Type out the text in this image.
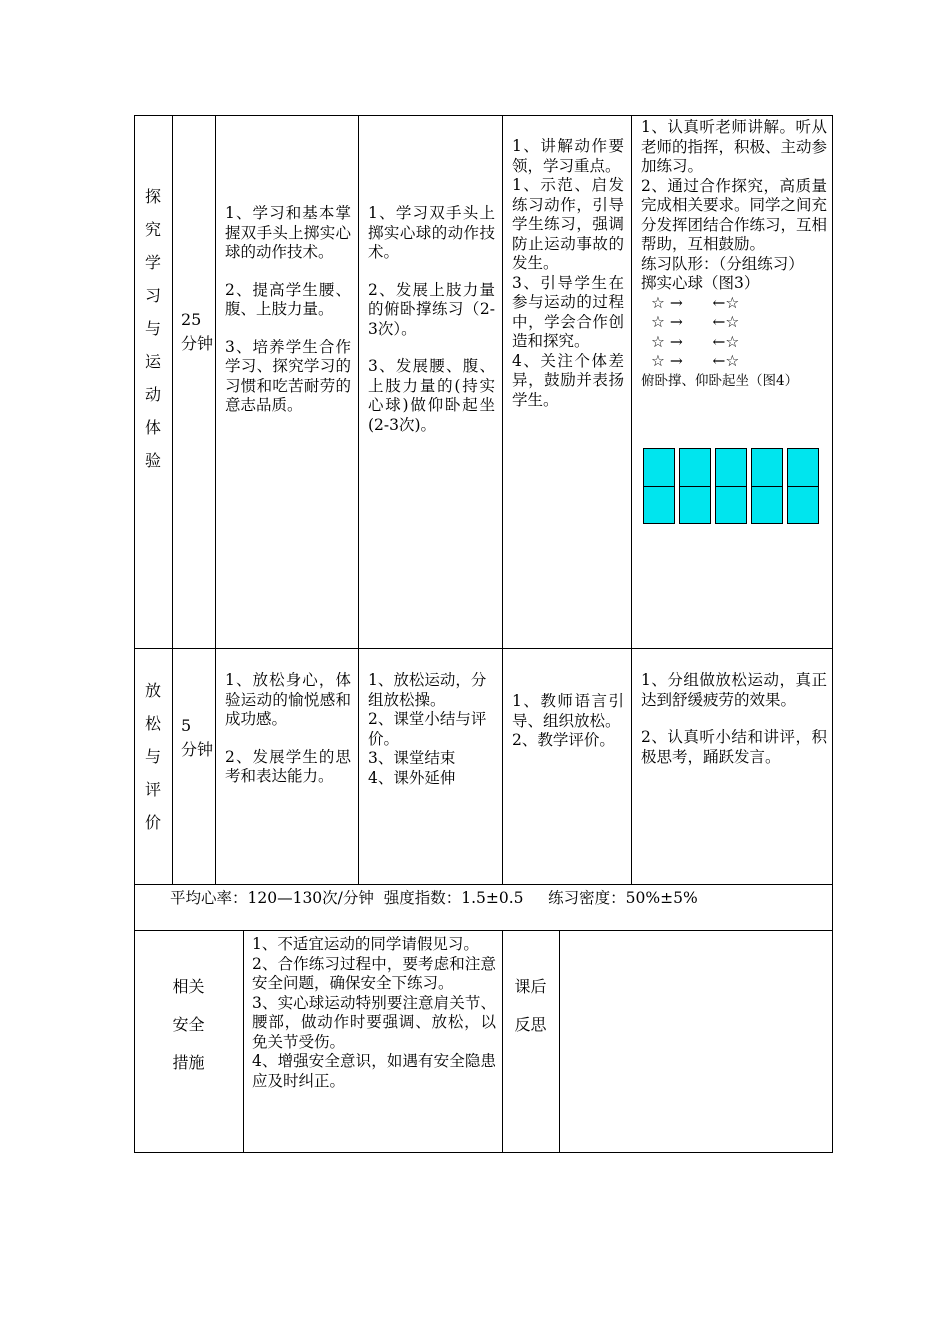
探
究
学
习
与
运
动
体
验
25
分钟
1、学习和基本掌握双手头上掷实心球的动作技术。
2、提高学生腰、腹、上肢力量。
3、培养学生合作学习、探究学习的习惯和吃苦耐劳的意志品质。
1、学习双手头上掷实心球的动作技术。
2、发展上肢力量的俯卧撑练习（2-3次）。
3、发展腰、腹、上肢力量的(持实心球)做仰卧起坐(2-3次)。
1、讲解动作要领，学习重点。
1、示范、启发练习动作，引导学生练习，强调防止运动事故的发生。
3、引导学生在参与运动的过程中，学会合作创造和探究。
4、关注个体差异，鼓励并表扬学生。
1、认真听老师讲解。听从老师的指挥，积极、主动参加练习。
2、通过合作探究，高质量完成相关要求。同学之间充分发挥团结合作练习，互相帮助，互相鼓励。
练习队形：（分组练习）
掷实心球（图3）
☆ →      ←☆
☆ →      ←☆
☆ →      ←☆
☆ →      ←☆
俯卧撑、仰卧起坐（图4）
放
松
与
评
价
5
分钟
1、放松身心，体验运动的愉悦感和成功感。
2、发展学生的思考和表达能力。
1、放松运动，分组放松操。
2、课堂小结与评价。
3、课堂结束
4、课外延伸
1、教师语言引导、组织放松。
2、教学评价。
1、分组做放松运动，真正达到舒缓疲劳的效果。
2、认真听小结和讲评，积极思考，踊跃发言。
平均心率：120—130次/分钟  强度指数：1.5±0.5     练习密度：50%±5%
相关
安全
措施
1、不适宜运动的同学请假见习。
2、合作练习过程中，要考虑和注意安全问题，确保安全下练习。
3、实心球运动特别要注意肩关节、腰部，做动作时要强调、放松，以免关节受伤。
4、增强安全意识，如遇有安全隐患应及时纠正。
课后
反思
